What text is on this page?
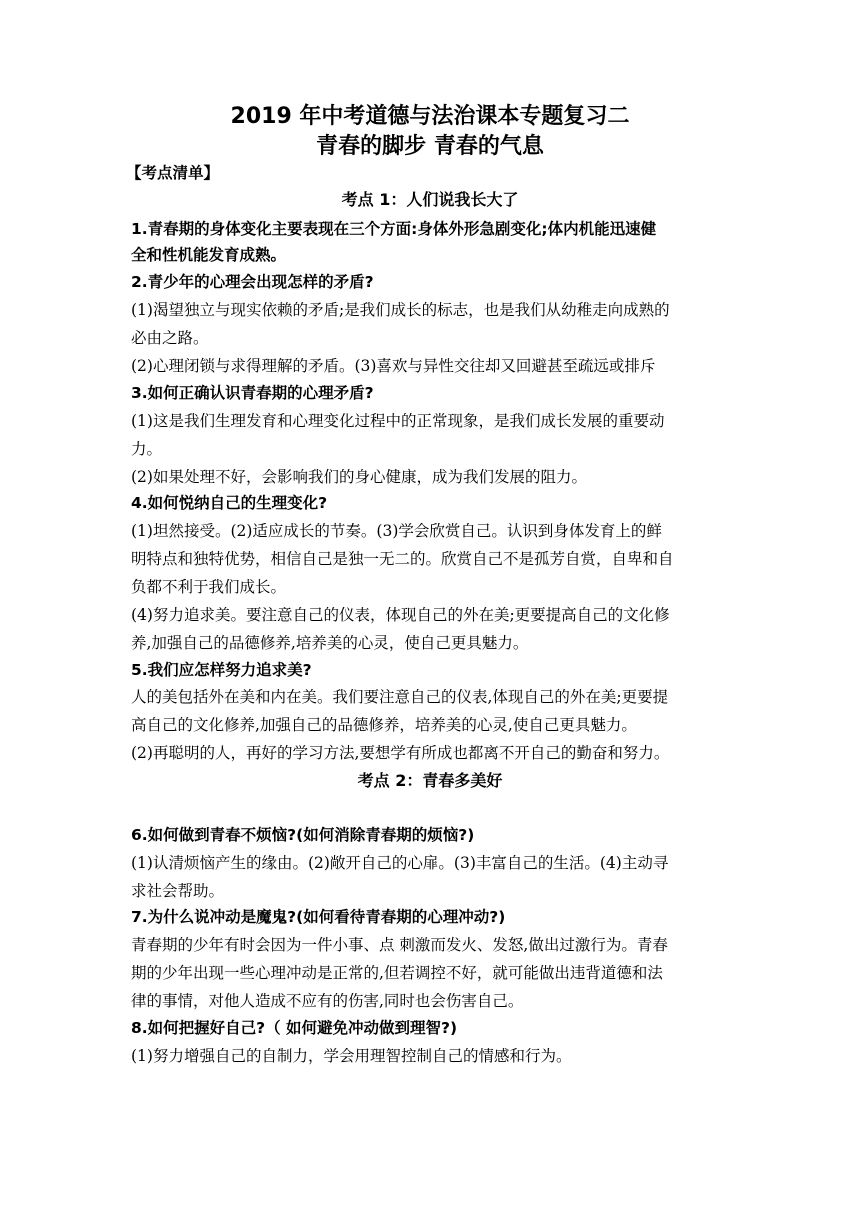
2019 年中考道德与法治课本专题复习二
青春的脚步 青春的气息
【考点清单】
考点 1：人们说我长大了
1.青春期的身体变化主要表现在三个方面:身体外形急剧变化;体内机能迅速健
全和性机能发育成熟。
2.青少年的心理会出现怎样的矛盾?
(1)渴望独立与现实依赖的矛盾;是我们成长的标志，也是我们从幼稚走向成熟的
必由之路。
(2)心理闭锁与求得理解的矛盾。(3)喜欢与异性交往却又回避甚至疏远或排斥
3.如何正确认识青春期的心理矛盾?
(1)这是我们生理发育和心理变化过程中的正常现象，是我们成长发展的重要动
力。
(2)如果处理不好，会影响我们的身心健康，成为我们发展的阻力。
4.如何悦纳自己的生理变化?
(1)坦然接受。(2)适应成长的节奏。(3)学会欣赏自己。认识到身体发育上的鲜
明特点和独特优势，相信自己是独一无二的。欣赏自己不是孤芳自赏，自卑和自
负都不利于我们成长。
(4)努力追求美。要注意自己的仪表，体现自己的外在美;更要提高自己的文化修
养,加强自己的品德修养,培养美的心灵，使自己更具魅力。
5.我们应怎样努力追求美?
人的美包括外在美和内在美。我们要注意自己的仪表,体现自己的外在美;更要提
高自己的文化修养,加强自己的品德修养，培养美的心灵,使自己更具魅力。
(2)再聪明的人，再好的学习方法,要想学有所成也都离不开自己的勤奋和努力。
考点 2：青春多美好
6.如何做到青春不烦恼?(如何消除青春期的烦恼?)
(1)认清烦恼产生的缘由。(2)敞开自己的心扉。(3)丰富自己的生活。(4)主动寻
求社会帮助。
7.为什么说冲动是魔鬼?(如何看待青春期的心理冲动?)
青春期的少年有时会因为一件小事、点 刺激而发火、发怒,做出过激行为。青春
期的少年出现一些心理冲动是正常的,但若调控不好，就可能做出违背道德和法
律的事情，对他人造成不应有的伤害,同时也会伤害自己。
8.如何把握好自己?（ 如何避免冲动做到理智?)
(1)努力增强自己的自制力，学会用理智控制自己的情感和行为。
